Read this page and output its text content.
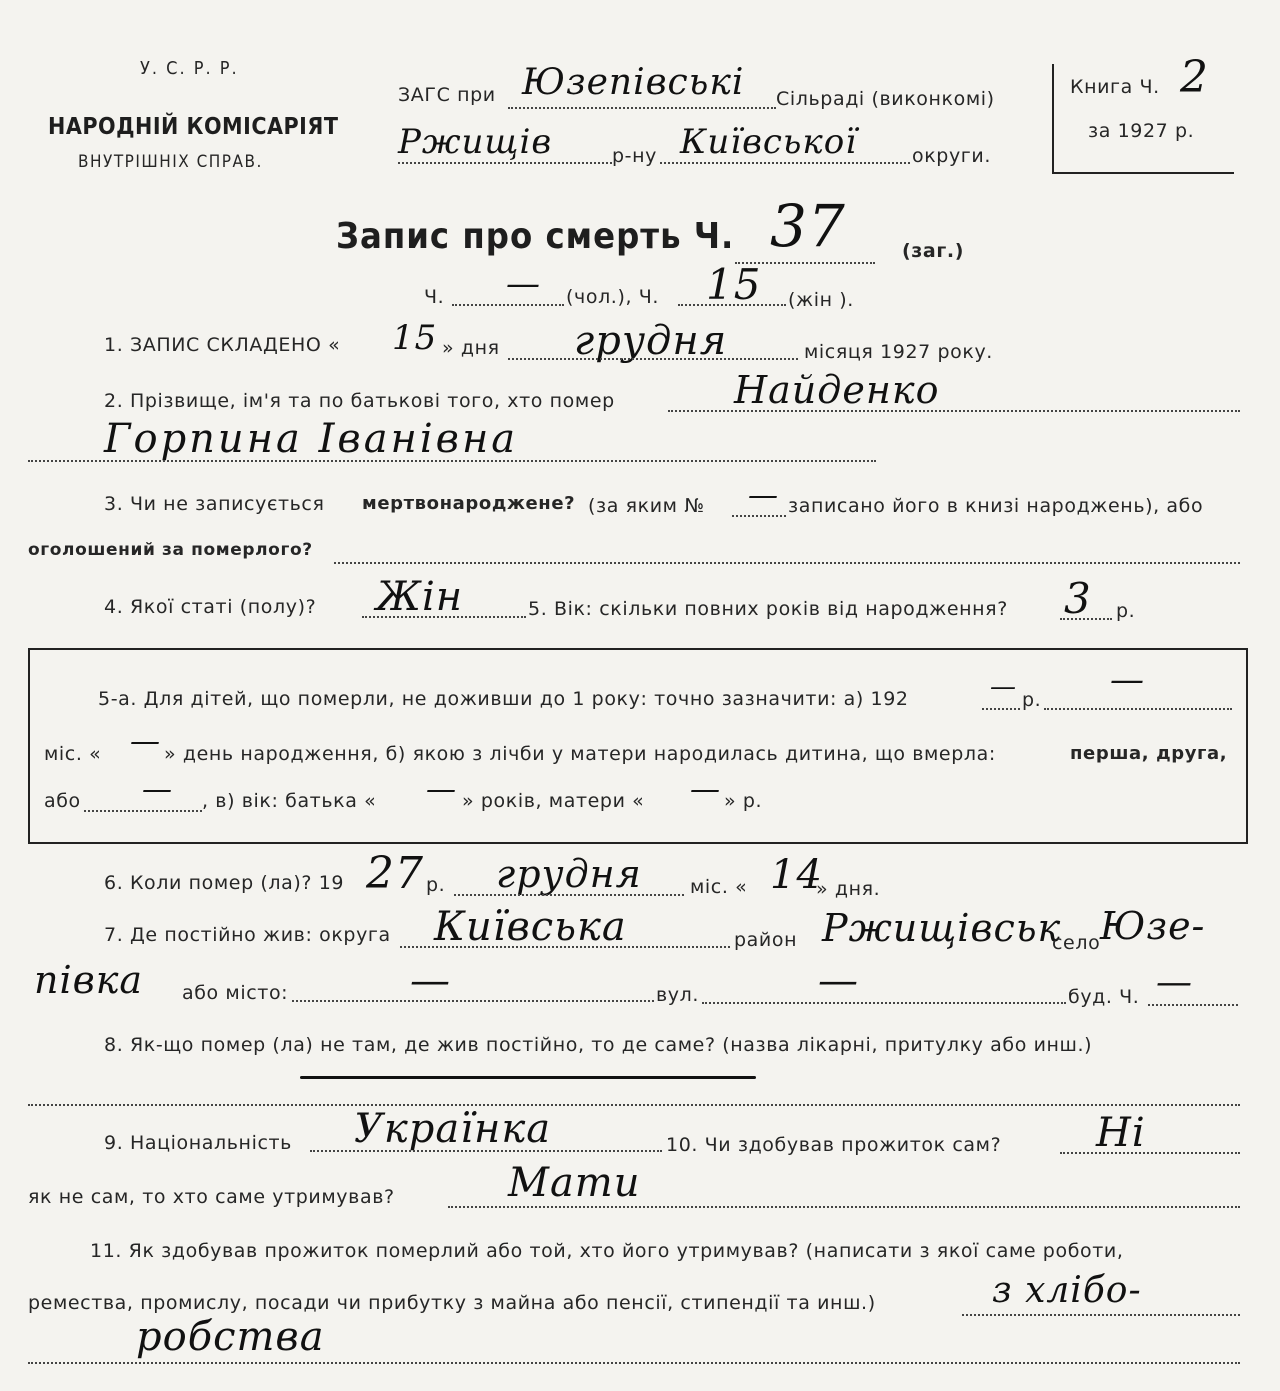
У. С. Р. Р.
НАРОДНІЙ КОМІСАРІЯТ
ВНУТРІШНІХ СПРАВ.
ЗАГС при Юзепівські Сільраді (виконкомі)
Ржищів	р-ну Київської	округи.
Книга Ч. 2
за 1927 р.
Запис про смерть Ч. 37	(заг.)
Ч. — (чол.), Ч. 15 (жін ).
1. ЗАПИС СКЛАДЕНО « 15 » дня грудня	місяця 1927 року.
2. Прізвище, ім'я та по батькові того, хто помер	Найденко
Горпина Іванівна
3. Чи не записується мертвонароджене? (за яким № — записано його в книзі народжень), або
оголошений за померлого?
4. Якої статі (полу)? Жін	5. Вік: скільки повних років від народження? 3 р.
5-а. Для дітей, що померли, не доживши до 1 року: точно зазначити: а) 192	— р. —
міс. « — » день народження, б) якою з лічби у матери народилась дитина, що вмерла:	перша, друга,
або — , в) вік: батька « — » років, матери « — » р.
6. Коли помер (ла)? 19 27 р. грудня	міс. « 14
» дня.
7. Де постійно жив: округа Київська	район Ржищівськ
село Юзе-
півка або місто:	—	вул.	—	буд. Ч. —
8. Як-що помер (ла) не там, де жив постійно, то де саме? (назва лікарні, притулку або инш.)
9. Національність Українка	10. Чи здобував прожиток сам? Ні
як не сам, то хто саме утримував?	Мати
11. Як здобував прожиток померлий або той, хто його утримував? (написати з якої саме роботи,
ремества, промислу, посади чи прибутку з майна або пенсії, стипендії та инш.)	з хлібо-
робства
